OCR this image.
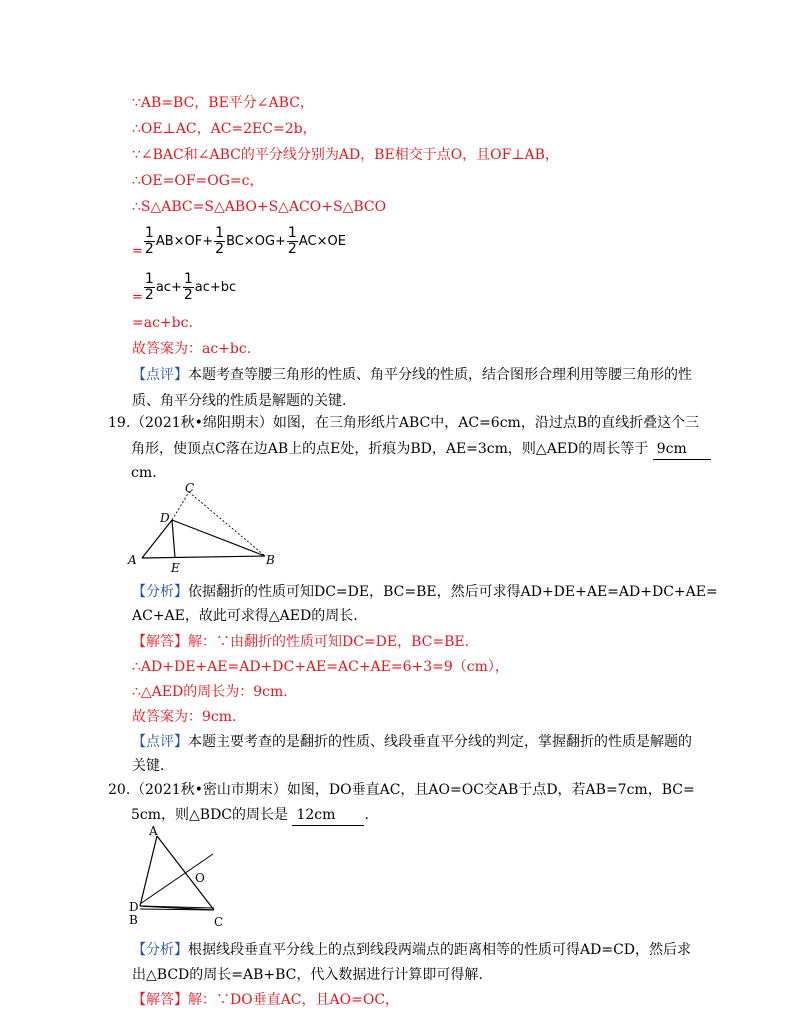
∵AB=BC，BE平分∠ABC，
∴OE⊥AC，AC=2EC=2b，
∵∠BAC和∠ABC的平分线分别为AD，BE相交于点O，且OF⊥AB，
∴OE=OF=OG=c，
∴S△ABC=S△ABO+S△ACO+S△BCO
= $\frac{1}{2} AB\times OF+ \frac{1}{2} BC\times OG+ \frac{1}{2} AC\times OE$
= $\frac{1}{2} ac+ \frac{1}{2} ac+bc$
=ac+bc.
故答案为：ac+bc.
【点评】本题考查等腰三角形的性质、角平分线的性质，结合图形合理利用等腰三角形的性
质、角平分线的性质是解题的关键.
19. （2021秋•绵阳期末）如图，在三角形纸片ABC中，AC=6cm，沿过点B的直线折叠这个三
角形，使顶点C落在边AB上的点E处，折痕为BD，AE=3cm，则△AED的周长等于 9cm
cm.
A	B
C
D
E
【分析】依据翻折的性质可知DC=DE，BC=BE，然后可求得AD+DE+AE=AD+DC+AE=
AC+AE，故此可求得△AED的周长.
【解答】解：∵由翻折的性质可知DC=DE，BC=BE.
∴AD+DE+AE=AD+DC+AE=AC+AE=6+3=9（cm），
∴△AED的周长为：9cm.
故答案为：9cm.
【点评】本题主要考查的是翻折的性质、线段垂直平分线的判定，掌握翻折的性质是解题的
关键.
20. （2021秋•密山市期末）如图，DO垂直AC，且AO=OC交AB于点D，若AB=7cm，BC=
5cm，则△BDC的周长是 12cm .
A
B	C
D
O
【分析】根据线段垂直平分线上的点到线段两端点的距离相等的性质可得AD=CD，然后求
出△BCD的周长=AB+BC，代入数据进行计算即可得解.
【解答】解：∵DO垂直AC，且AO=OC，
